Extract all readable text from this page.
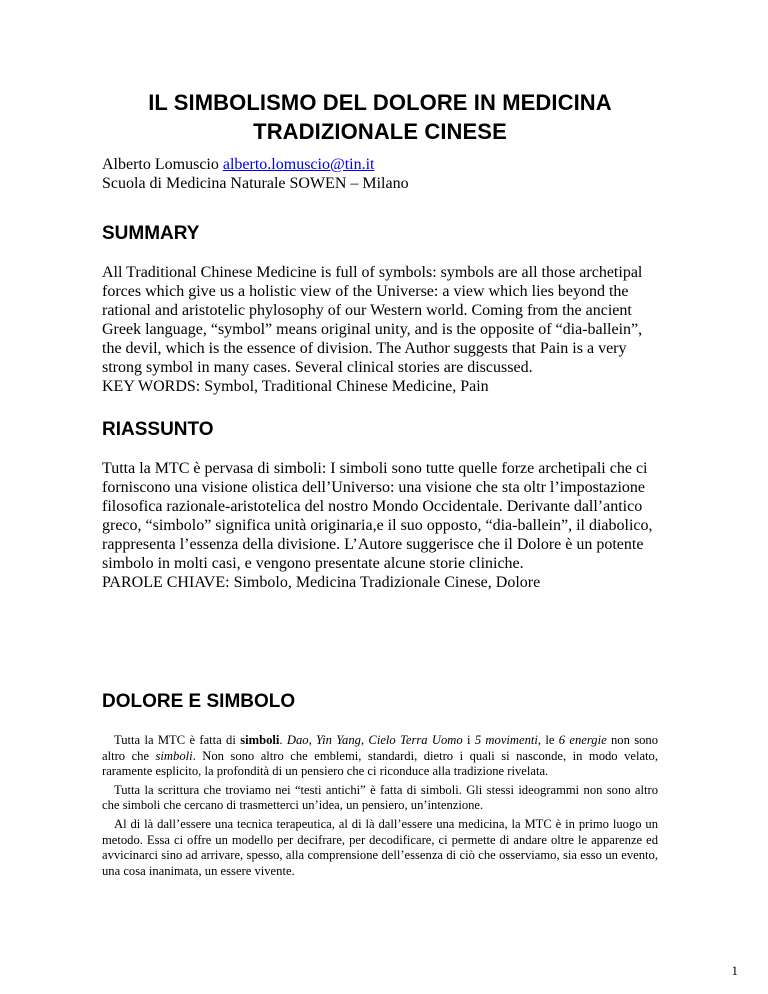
IL SIMBOLISMO DEL DOLORE IN MEDICINA
TRADIZIONALE CINESE
Alberto Lomuscio alberto.lomuscio@tin.it
Scuola di Medicina Naturale SOWEN – Milano
SUMMARY
All Traditional Chinese Medicine is full of symbols: symbols are all those archetipal
forces which give us a holistic view of the Universe: a view which lies beyond the
rational and aristotelic phylosophy of our Western world. Coming from the ancient
Greek language, “symbol” means original unity, and is the opposite of “dia-ballein”,
the devil, which is the essence of division. The Author suggests that Pain is a very
strong symbol in many cases. Several clinical stories are discussed.
KEY WORDS: Symbol, Traditional Chinese Medicine, Pain
RIASSUNTO
Tutta la MTC è pervasa di simboli: I simboli sono tutte quelle forze archetipali che ci
forniscono una visione olistica dell’Universo: una visione che sta oltr l’impostazione
filosofica razionale-aristotelica del nostro Mondo Occidentale. Derivante dall’antico
greco, “simbolo” significa unità originaria,e il suo opposto, “dia-ballein”, il diabolico,
rappresenta l’essenza della divisione. L’Autore suggerisce che il Dolore è un potente
simbolo in molti casi, e vengono presentate alcune storie cliniche.
PAROLE CHIAVE: Simbolo, Medicina Tradizionale Cinese, Dolore
DOLORE E SIMBOLO

Tutta la MTC è fatta di simboli. Dao, Yin Yang, Cielo Terra Uomo i 5 movimenti, le 6 energie non sono altro che simboli. Non sono altro che emblemi, standardi, dietro i quali si nasconde, in modo velato, raramente esplicito, la profondità di un pensiero che ci riconduce alla tradizione rivelata.

Tutta la scrittura che troviamo nei “testi antichi” è fatta di simboli. Gli stessi ideogrammi non sono altro che simboli che cercano di trasmetterci un’idea, un pensiero, un’intenzione.

Al di là dall’essere una tecnica terapeutica, al di là dall’essere una medicina, la MTC è in primo luogo un metodo. Essa ci offre un modello per decifrare, per decodificare, ci permette di andare oltre le apparenze ed avvicinarci sino ad arrivare, spesso, alla comprensione dell’essenza di ciò che osserviamo, sia esso un evento, una cosa inanimata, un essere vivente.

1
